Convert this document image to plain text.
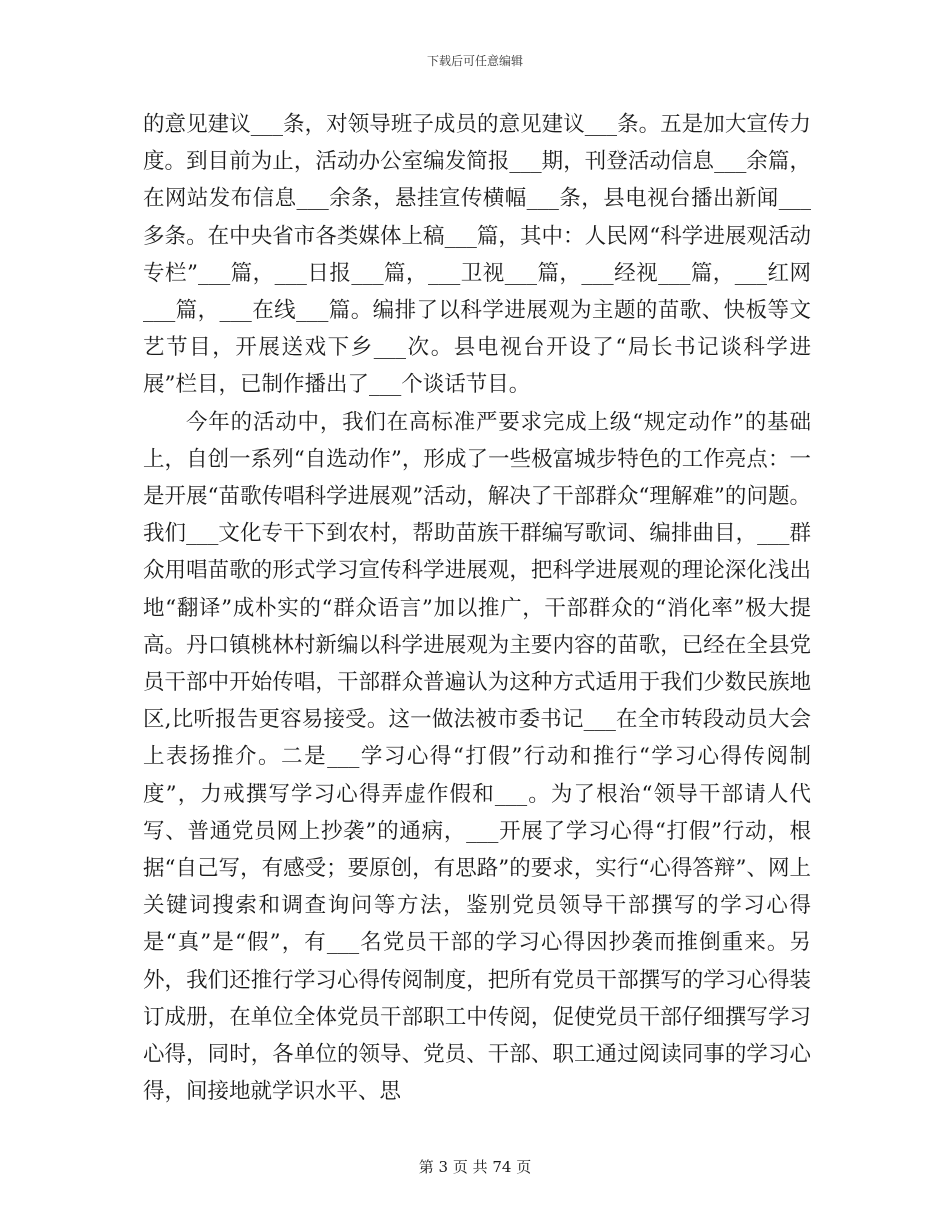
下载后可任意编辑

的意见建议___条，对领导班子成员的意见建议___条。五是加大宣传力度。到目前为止，活动办公室编发简报___期，刊登活动信息___余篇，在网站发布信息___余条，悬挂宣传横幅___条，县电视台播出新闻___多条。在中央省市各类媒体上稿___篇，其中：人民网“科学进展观活动专栏”___篇，___日报___篇，___卫视___篇，___经视___篇，___红网___篇，___在线___篇。编排了以科学进展观为主题的苗歌、快板等文艺节目，开展送戏下乡___次。县电视台开设了“局长书记谈科学进展”栏目，已制作播出了___个谈话节目。

今年的活动中，我们在高标准严要求完成上级“规定动作”的基础上，自创一系列“自选动作”，形成了一些极富城步特色的工作亮点：一是开展“苗歌传唱科学进展观”活动，解决了干部群众“理解难”的问题。我们___文化专干下到农村，帮助苗族干群编写歌词、编排曲目，___群众用唱苗歌的形式学习宣传科学进展观，把科学进展观的理论深化浅出地“翻译”成朴实的“群众语言”加以推广，干部群众的“消化率”极大提高。丹口镇桃林村新编以科学进展观为主要内容的苗歌，已经在全县党员干部中开始传唱，干部群众普遍认为这种方式适用于我们少数民族地区,比听报告更容易接受。这一做法被市委书记___在全市转段动员大会上表扬推介。二是___学习心得“打假”行动和推行“学习心得传阅制度”，力戒撰写学习心得弄虚作假和___。为了根治“领导干部请人代写、普通党员网上抄袭”的通病，___开展了学习心得“打假”行动，根据“自己写，有感受；要原创，有思路”的要求，实行“心得答辩”、网上关键词搜索和调查询问等方法，鉴别党员领导干部撰写的学习心得是“真”是“假”，有___名党员干部的学习心得因抄袭而推倒重来。另外，我们还推行学习心得传阅制度，把所有党员干部撰写的学习心得装订成册，在单位全体党员干部职工中传阅，促使党员干部仔细撰写学习心得，同时，各单位的领导、党员、干部、职工通过阅读同事的学习心得，间接地就学识水平、思

第 3 页 共 74 页
